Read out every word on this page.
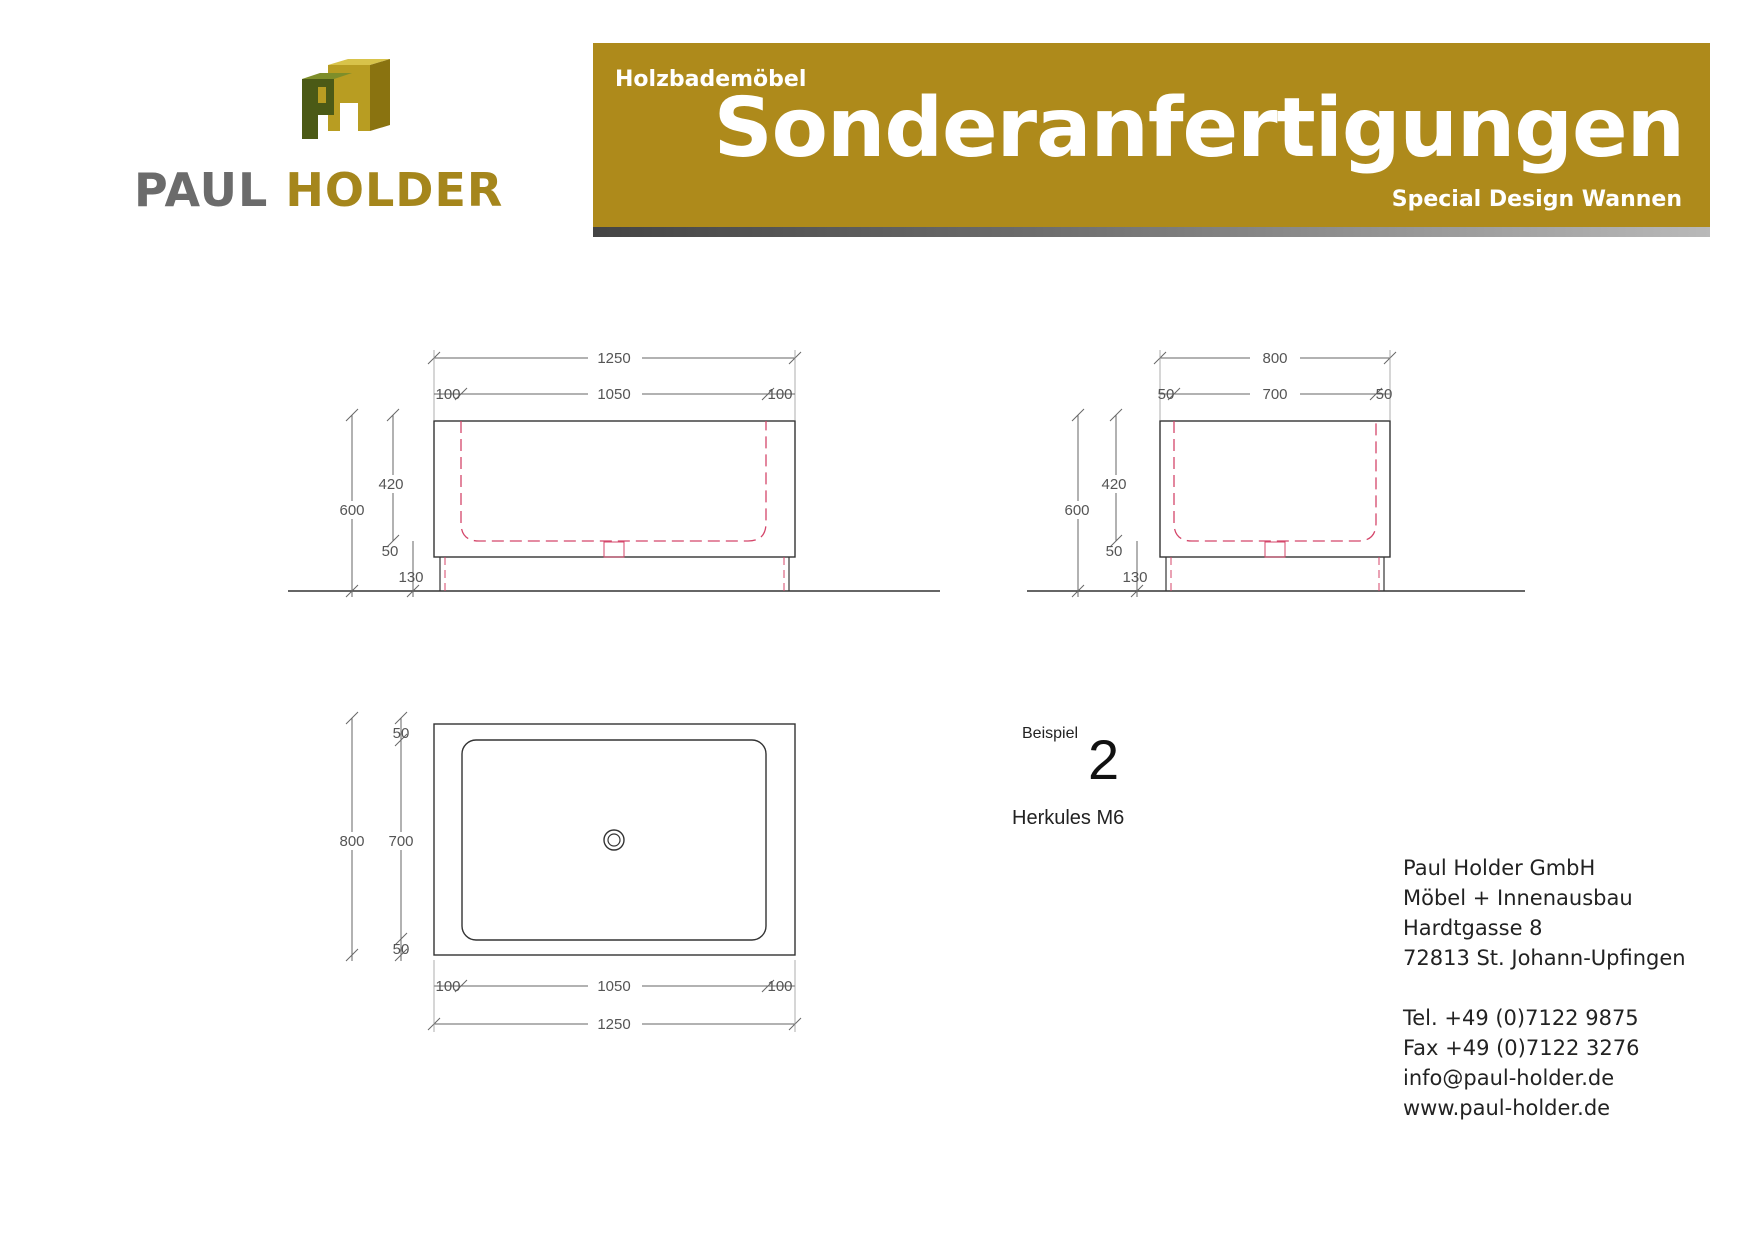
PAUL HOLDER
Holzbademöbel
Sonderanfertigungen
Special Design Wannen
1250
1050
100	100
600
420
50
130
800
700
50	50
600
420
50
130
800 700
50
50
100	1050	100
1250
Beispiel 2
Herkules M6
Paul Holder GmbH
Möbel + Innenausbau
Hardtgasse 8
72813 St. Johann-Upfingen
Tel. +49 (0)7122 9875
Fax +49 (0)7122 3276
info@paul-holder.de
www.paul-holder.de
